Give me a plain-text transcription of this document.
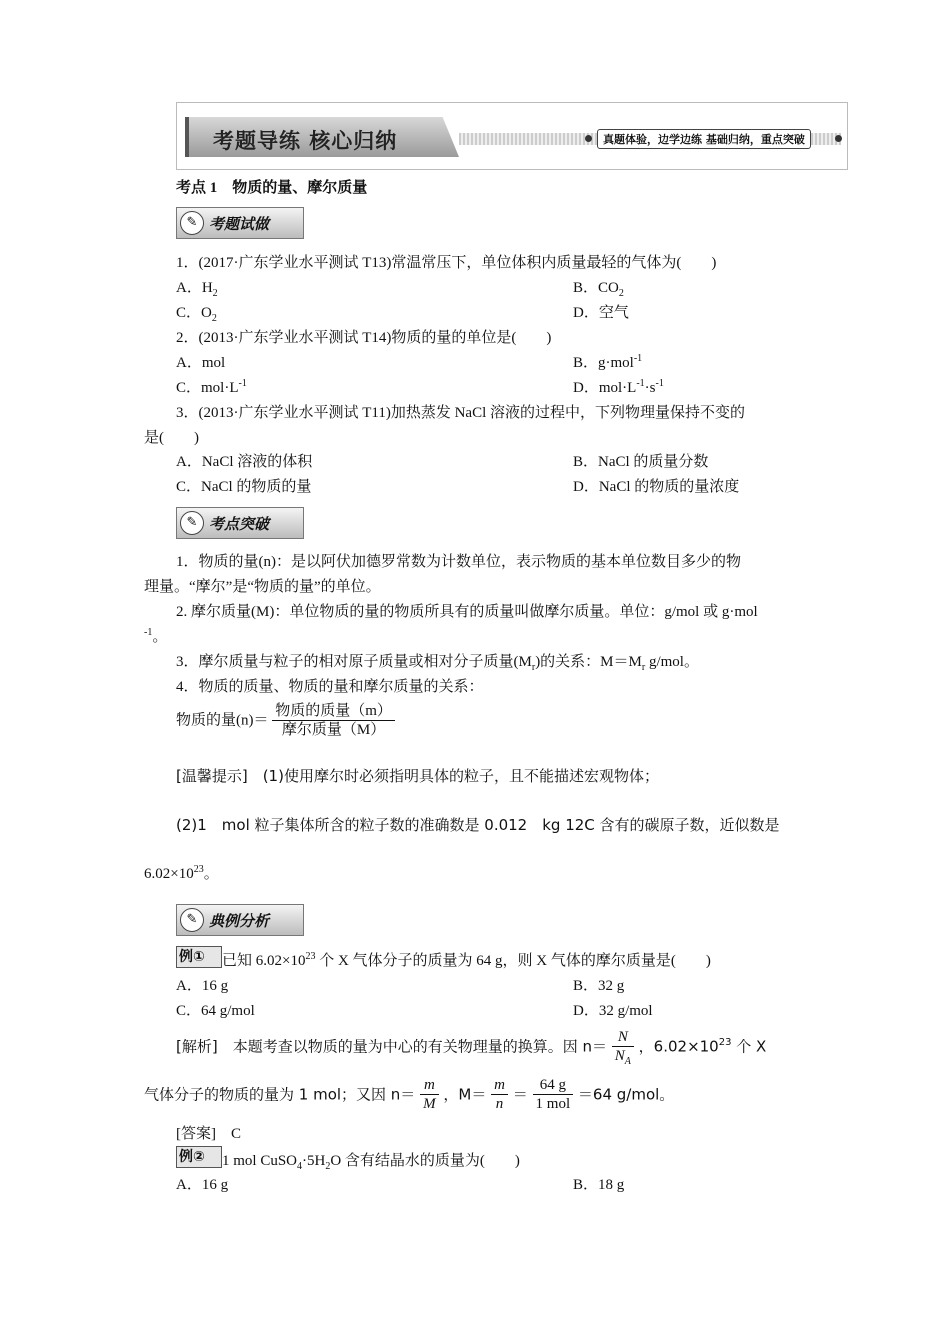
考题导练 核心归纳	真题体验，边学边练 基础归纳，重点突破
考点 1　物质的量、摩尔质量
✎ 考题试做
1．(2017·广东学业水平测试 T13)常温常压下，单位体积内质量最轻的气体为(　　)
A．$H_2$	B．$CO_2$
C．$O_2$	D．空气
2．(2013·广东学业水平测试 T14)物质的量的单位是(　　)
A．mol	B．g·mol$^{-1}$
C．$mol\cdot L^{-1}$	D．$mol\cdot L^{-1}\cdot s^{-1}$
3．(2013·广东学业水平测试 T11)加热蒸发 NaCl 溶液的过程中，下列物理量保持不变的
是(　　)
A．NaCl 溶液的体积	B．NaCl 的质量分数
C．NaCl 的物质的量	D．NaCl 的物质的量浓度
✎ 考点突破
1．物质的量(n)：是以阿伏加德罗常数为计数单位，表示物质的基本单位数目多少的物
理量。“摩尔”是“物质的量”的单位。
2. 摩尔质量(M)：单位物质的量的物质所具有的质量叫做摩尔质量。单位：g/mol 或 g·mol
$^{-1}$。
3．摩尔质量与粒子的相对原子质量或相对分子质量$(M_r)$的关系：$M=M_r$ g/mol。
4．物质的质量、物质的量和摩尔质量的关系：
物质的量$(n)= \frac{\text{物质的质量（m）}}{\text{摩尔质量（M）}}$
[温馨提示]　(1)使用摩尔时必须指明具体的粒子，且不能描述宏观物体；
(2)1　mol 粒子集体所含的粒子数的准确数是 0.012　kg 12C 含有的碳原子数，近似数是
$6.02\times 10^{23}$。
✎ 典例分析
例①	已知 $6.02\times 10^{23}$ 个 X 气体分子的质量为 64 g，则 X 气体的摩尔质量是(　　)
A．16 g	B．32 g
C．64 g/mol	D．32 g/mol
[解析]　本题考查以物质的量为中心的有关物理量的换算。因 $n= \frac{N}{N_A}$ ，$6.02\times 10^{23}$ 个 X
气体分子的物质的量为 1 mol；又因 $n= \frac{m}{M}$ ，$M= \frac{m}{n} = \frac{64 g}{\text{1 mol}} =64$ g/mol。
[答案]　C
例②	1 mol $CuSO_4\cdot 5H_2O$ 含有结晶水的质量为(　　)
A．16 g	B．18 g
